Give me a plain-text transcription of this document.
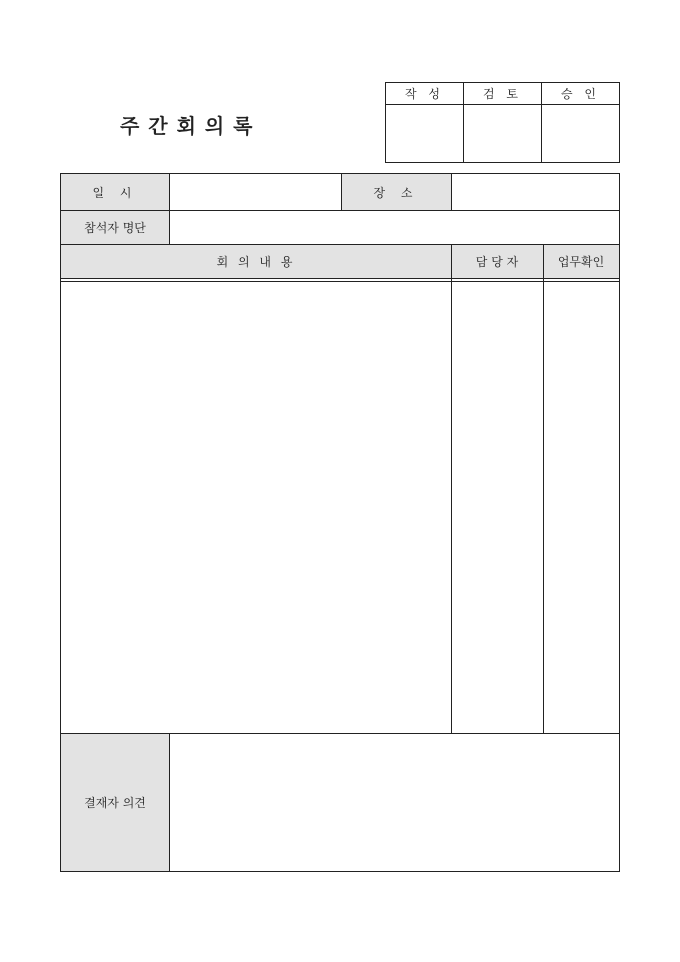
주 간 회 의 록
작 성	검 토	승 인
일 시	장 소
참석자 명단
회 의 내 용	담 당 자	업무확인
결재자 의견
